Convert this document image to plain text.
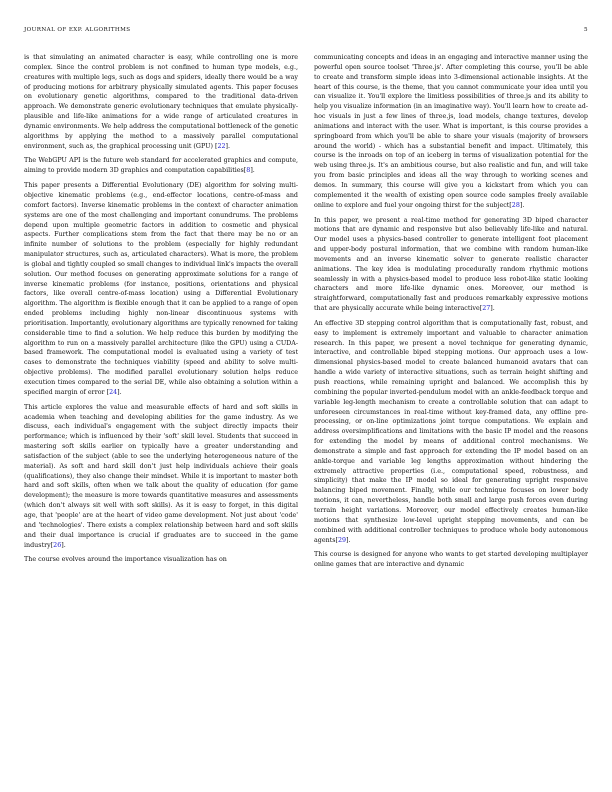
JOURNAL OF EXP. ALGORITHMS	5

is that simulating an animated character is easy, while controlling one is more complex. Since the control problem is not confined to human type models, e.g., creatures with multiple legs, such as dogs and spiders, ideally there would be a way of producing motions for arbitrary physically simulated agents. This paper focuses on evolutionary genetic algorithms, compared to the traditional data-driven approach. We demonstrate generic evolutionary techniques that emulate physically-plausible and life-like animations for a wide range of articulated creatures in dynamic environments. We help address the computational bottleneck of the genetic algorithms by applying the method to a massively parallel computational environment, such as, the graphical processing unit (GPU) [22].

The WebGPU API is the future web standard for accelerated graphics and compute, aiming to provide modern 3D graphics and computation capabilities[8].

This paper presents a Differential Evolutionary (DE) algorithm for solving multi-objective kinematic problems (e.g., end-effector locations, centre-of-mass and comfort factors). Inverse kinematic problems in the context of character animation systems are one of the most challenging and important conundrums. The problems depend upon multiple geometric factors in addition to cosmetic and physical aspects. Further complications stem from the fact that there may be no or an infinite number of solutions to the problem (especially for highly redundant manipulator structures, such as, articulated characters). What is more, the problem is global and tightly coupled so small changes to individual link's impacts the overall solution. Our method focuses on generating approximate solutions for a range of inverse kinematic problems (for instance, positions, orientations and physical factors, like overall centre-of-mass location) using a Differential Evolutionary algorithm. The algorithm is flexible enough that it can be applied to a range of open ended problems including highly non-linear discontinuous systems with prioritisation. Importantly, evolutionary algorithms are typically renowned for taking considerable time to find a solution. We help reduce this burden by modifying the algorithm to run on a massively parallel architecture (like the GPU) using a CUDA-based framework. The computational model is evaluated using a variety of test cases to demonstrate the techniques viability (speed and ability to solve multi-objective problems). The modified parallel evolutionary solution helps reduce execution times compared to the serial DE, while also obtaining a solution within a specified margin of error [24].

This article explores the value and measurable effects of hard and soft skills in academia when teaching and developing abilities for the game industry. As we discuss, each individual's engagement with the subject directly impacts their performance; which is influenced by their 'soft' skill level. Students that succeed in mastering soft skills earlier on typically have a greater understanding and satisfaction of the subject (able to see the underlying heterogeneous nature of the material). As soft and hard skill don't just help individuals achieve their goals (qualifications), they also change their mindset. While it is important to master both hard and soft skills, often when we talk about the quality of education (for game development); the measure is more towards quantitative measures and assessments (which don't always sit well with soft skills). As it is easy to forget, in this digital age, that 'people' are at the heart of video game development. Not just about 'code' and 'technologies'. There exists a complex relationship between hard and soft skills and their dual importance is crucial if graduates are to succeed in the game industry[26].

The course evolves around the importance visualization has on

communicating concepts and ideas in an engaging and interactive manner using the powerful open source toolset 'Three.js'. After completing this course, you'll be able to create and transform simple ideas into 3-dimensional actionable insights. At the heart of this course, is the theme, that you cannot communicate your idea until you can visualize it. You'll explore the limitless possibilities of three.js and its ability to help you visualize information (in an imaginative way). You'll learn how to create ad-hoc visuals in just a few lines of three.js, load models, change textures, develop animations and interact with the user. What is important, is this course provides a springboard from which you'll be able to share your visuals (majority of browsers around the world) - which has a substantial benefit and impact. Ultimately, this course is the inroads on top of an iceberg in terms of visualization potential for the web using three.js. It's an ambitious course, but also realistic and fun, and will take you from basic principles and ideas all the way through to working scenes and demos. In summary, this course will give you a kickstart from which you can complemented it the wealth of existing open source code samples freely available online to explore and fuel your ongoing thirst for the subject[28].

In this paper, we present a real-time method for generating 3D biped character motions that are dynamic and responsive but also believably life-like and natural. Our model uses a physics-based controller to generate intelligent foot placement and upper-body postural information, that we combine with random human-like movements and an inverse kinematic solver to generate realistic character animations. The key idea is modulating procedurally random rhythmic motions seamlessly in with a physics-based model to produce less robot-like static looking characters and more life-like dynamic ones. Moreover, our method is straightforward, computationally fast and produces remarkably expressive motions that are physically accurate while being interactive[27].

An effective 3D stepping control algorithm that is computationally fast, robust, and easy to implement is extremely important and valuable to character animation research. In this paper, we present a novel technique for generating dynamic, interactive, and controllable biped stepping motions. Our approach uses a low-dimensional physics-based model to create balanced humanoid avatars that can handle a wide variety of interactive situations, such as terrain height shifting and push reactions, while remaining upright and balanced. We accomplish this by combining the popular inverted-pendulum model with an ankle-feedback torque and variable leg-length mechanism to create a controllable solution that can adapt to unforeseen circumstances in real-time without key-framed data, any offline pre-processing, or on-line optimizations joint torque computations. We explain and address oversimplifications and limitations with the basic IP model and the reasons for extending the model by means of additional control mechanisms. We demonstrate a simple and fast approach for extending the IP model based on an ankle-torque and variable leg lengths approximation without hindering the extremely attractive properties (i.e., computational speed, robustness, and simplicity) that make the IP model so ideal for generating upright responsive balancing biped movement. Finally, while our technique focuses on lower body motions, it can, nevertheless, handle both small and large push forces even during terrain height variations. Moreover, our model effectively creates human-like motions that synthesize low-level upright stepping movements, and can be combined with additional controller techniques to produce whole body autonomous agents[29].

This course is designed for anyone who wants to get started developing multiplayer online games that are interactive and dynamic
